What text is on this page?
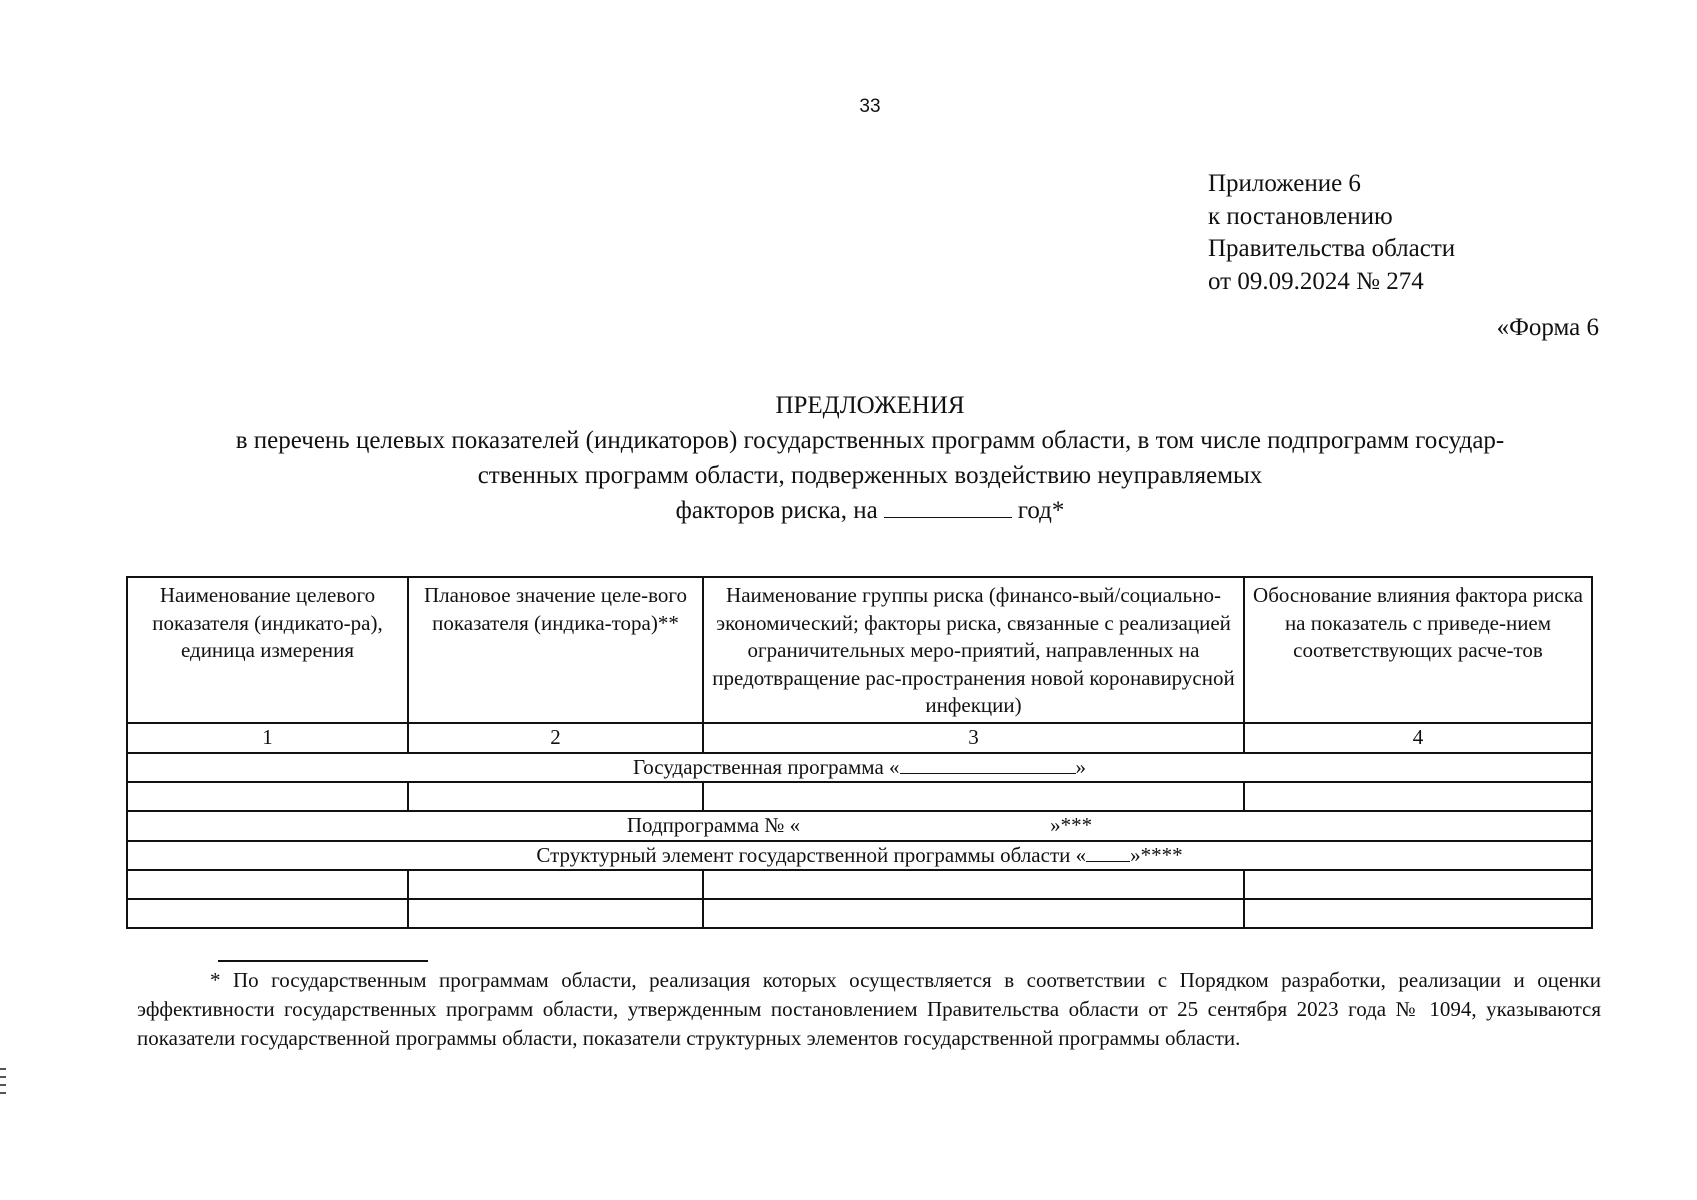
33
Приложение 6
к постановлению
Правительства области
от 09.09.2024 № 274
«Форма 6
ПРЕДЛОЖЕНИЯ
в перечень целевых показателей (индикаторов) государственных программ области, в том числе подпрограмм государ-
ственных программ области, подверженных воздействию неуправляемых
факторов риска, на	год*
Наименование целевого показателя (индикато-ра), единица измерения	Плановое значение целе-вого показателя (индика-тора)**	Наименование группы риска (финансо-вый/социально-экономический; факторы риска, связанные с реализацией ограничительных меро-приятий, направленных на предотвращение рас-пространения новой коронавирусной инфекции)	Обоснование влияния фактора риска на показатель с приведе-нием соответствующих расче-тов
1	2	3	4
Государственная программа « »			

Подпрограмма № « »***			
Структурный элемент государственной программы области « »****			

* По государственным программам области, реализация которых осуществляется в соответствии с Порядком разработки, реализации и оценки эффективности государственных программ области, утвержденным постановлением Правительства области от 25 сентября 2023 года № 1094, указываются показатели государственной программы области, показатели структурных элементов государственной программы области.
